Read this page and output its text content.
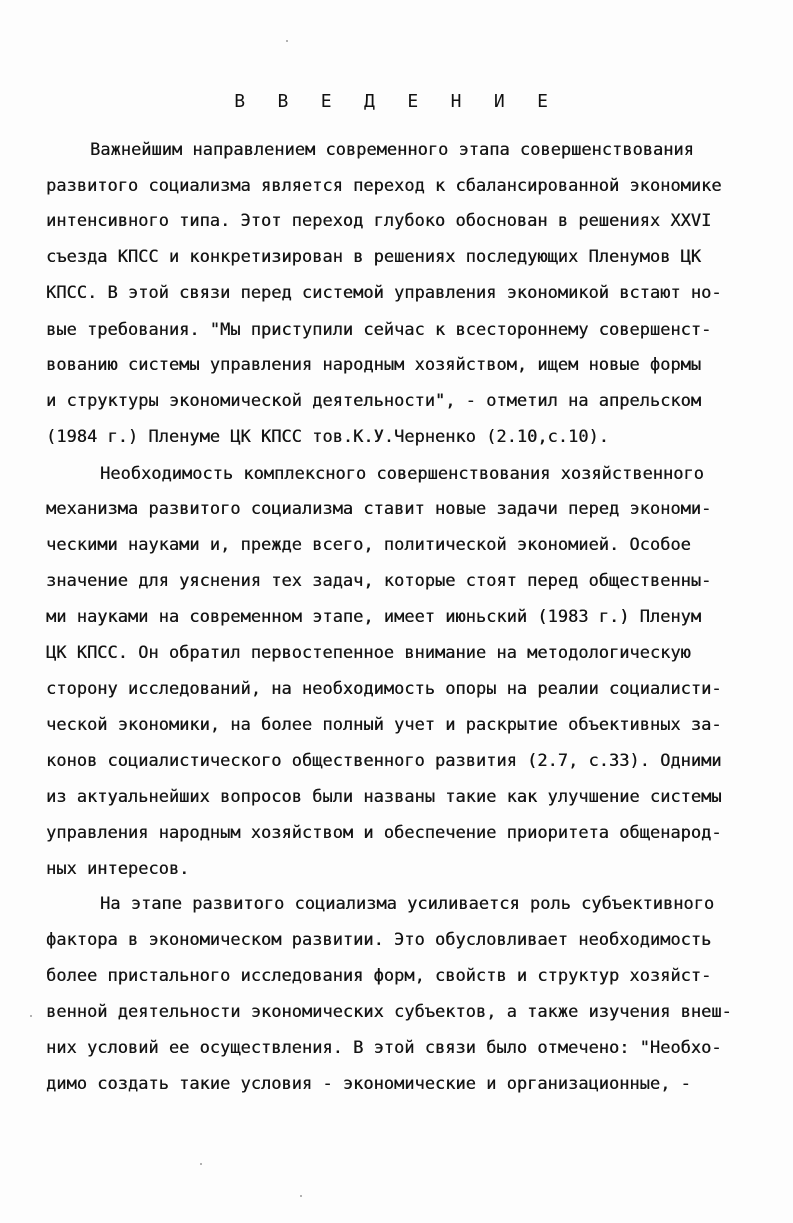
В В Е Д Е Н И Е
Важнейшим направлением современного этапа совершенствования
развитого социализма является переход к сбалансированной экономике
интенсивного типа. Этот переход глубоко обоснован в решениях XXVI
съезда КПСС и конкретизирован в решениях последующих Пленумов ЦК
КПСС. В этой связи перед системой управления экономикой встают но-
вые требования. "Мы приступили сейчас к всестороннему совершенст-
вованию системы управления народным хозяйством, ищем новые формы
и структуры экономической деятельности", - отметил на апрельском
(1984 г.) Пленуме ЦК КПСС тов.К.У.Черненко (2.10,с.10).
Необходимость комплексного совершенствования хозяйственного
механизма развитого социализма ставит новые задачи перед экономи-
ческими науками и, прежде всего, политической экономией. Особое
значение для уяснения тех задач, которые стоят перед общественны-
ми науками на современном этапе, имеет июньский (1983 г.) Пленум
ЦК КПСС. Он обратил первостепенное внимание на методологическую
сторону исследований, на необходимость опоры на реалии социалисти-
ческой экономики, на более полный учет и раскрытие объективных за-
конов социалистического общественного развития (2.7, с.33). Одними
из актуальнейших вопросов были названы такие как улучшение системы
управления народным хозяйством и обеспечение приоритета общенарод-
ных интересов.
На этапе развитого социализма усиливается роль субъективного
фактора в экономическом развитии. Это обусловливает необходимость
более пристального исследования форм, свойств и структур хозяйст-
венной деятельности экономических субъектов, а также изучения внеш-
них условий ее осуществления. В этой связи было отмечено: "Необхо-
димо создать такие условия - экономические и организационные, -
